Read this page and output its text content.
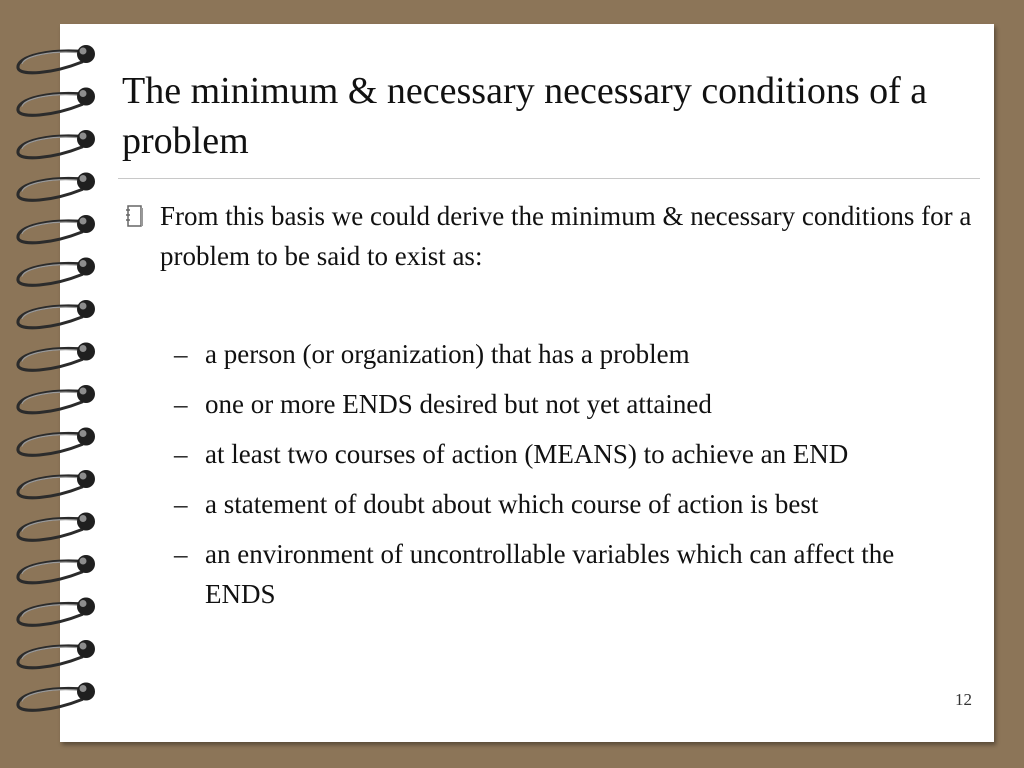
The minimum & necessary necessary conditions of a problem
From this basis we could derive the minimum & necessary conditions for a problem to be said to exist as:
– a person (or organization) that has a problem
– one or more ENDS desired but not yet attained
– at least two courses of action (MEANS) to achieve an END
– a statement of doubt about which course of action is best
– an environment of uncontrollable variables which can affect the ENDS
12
